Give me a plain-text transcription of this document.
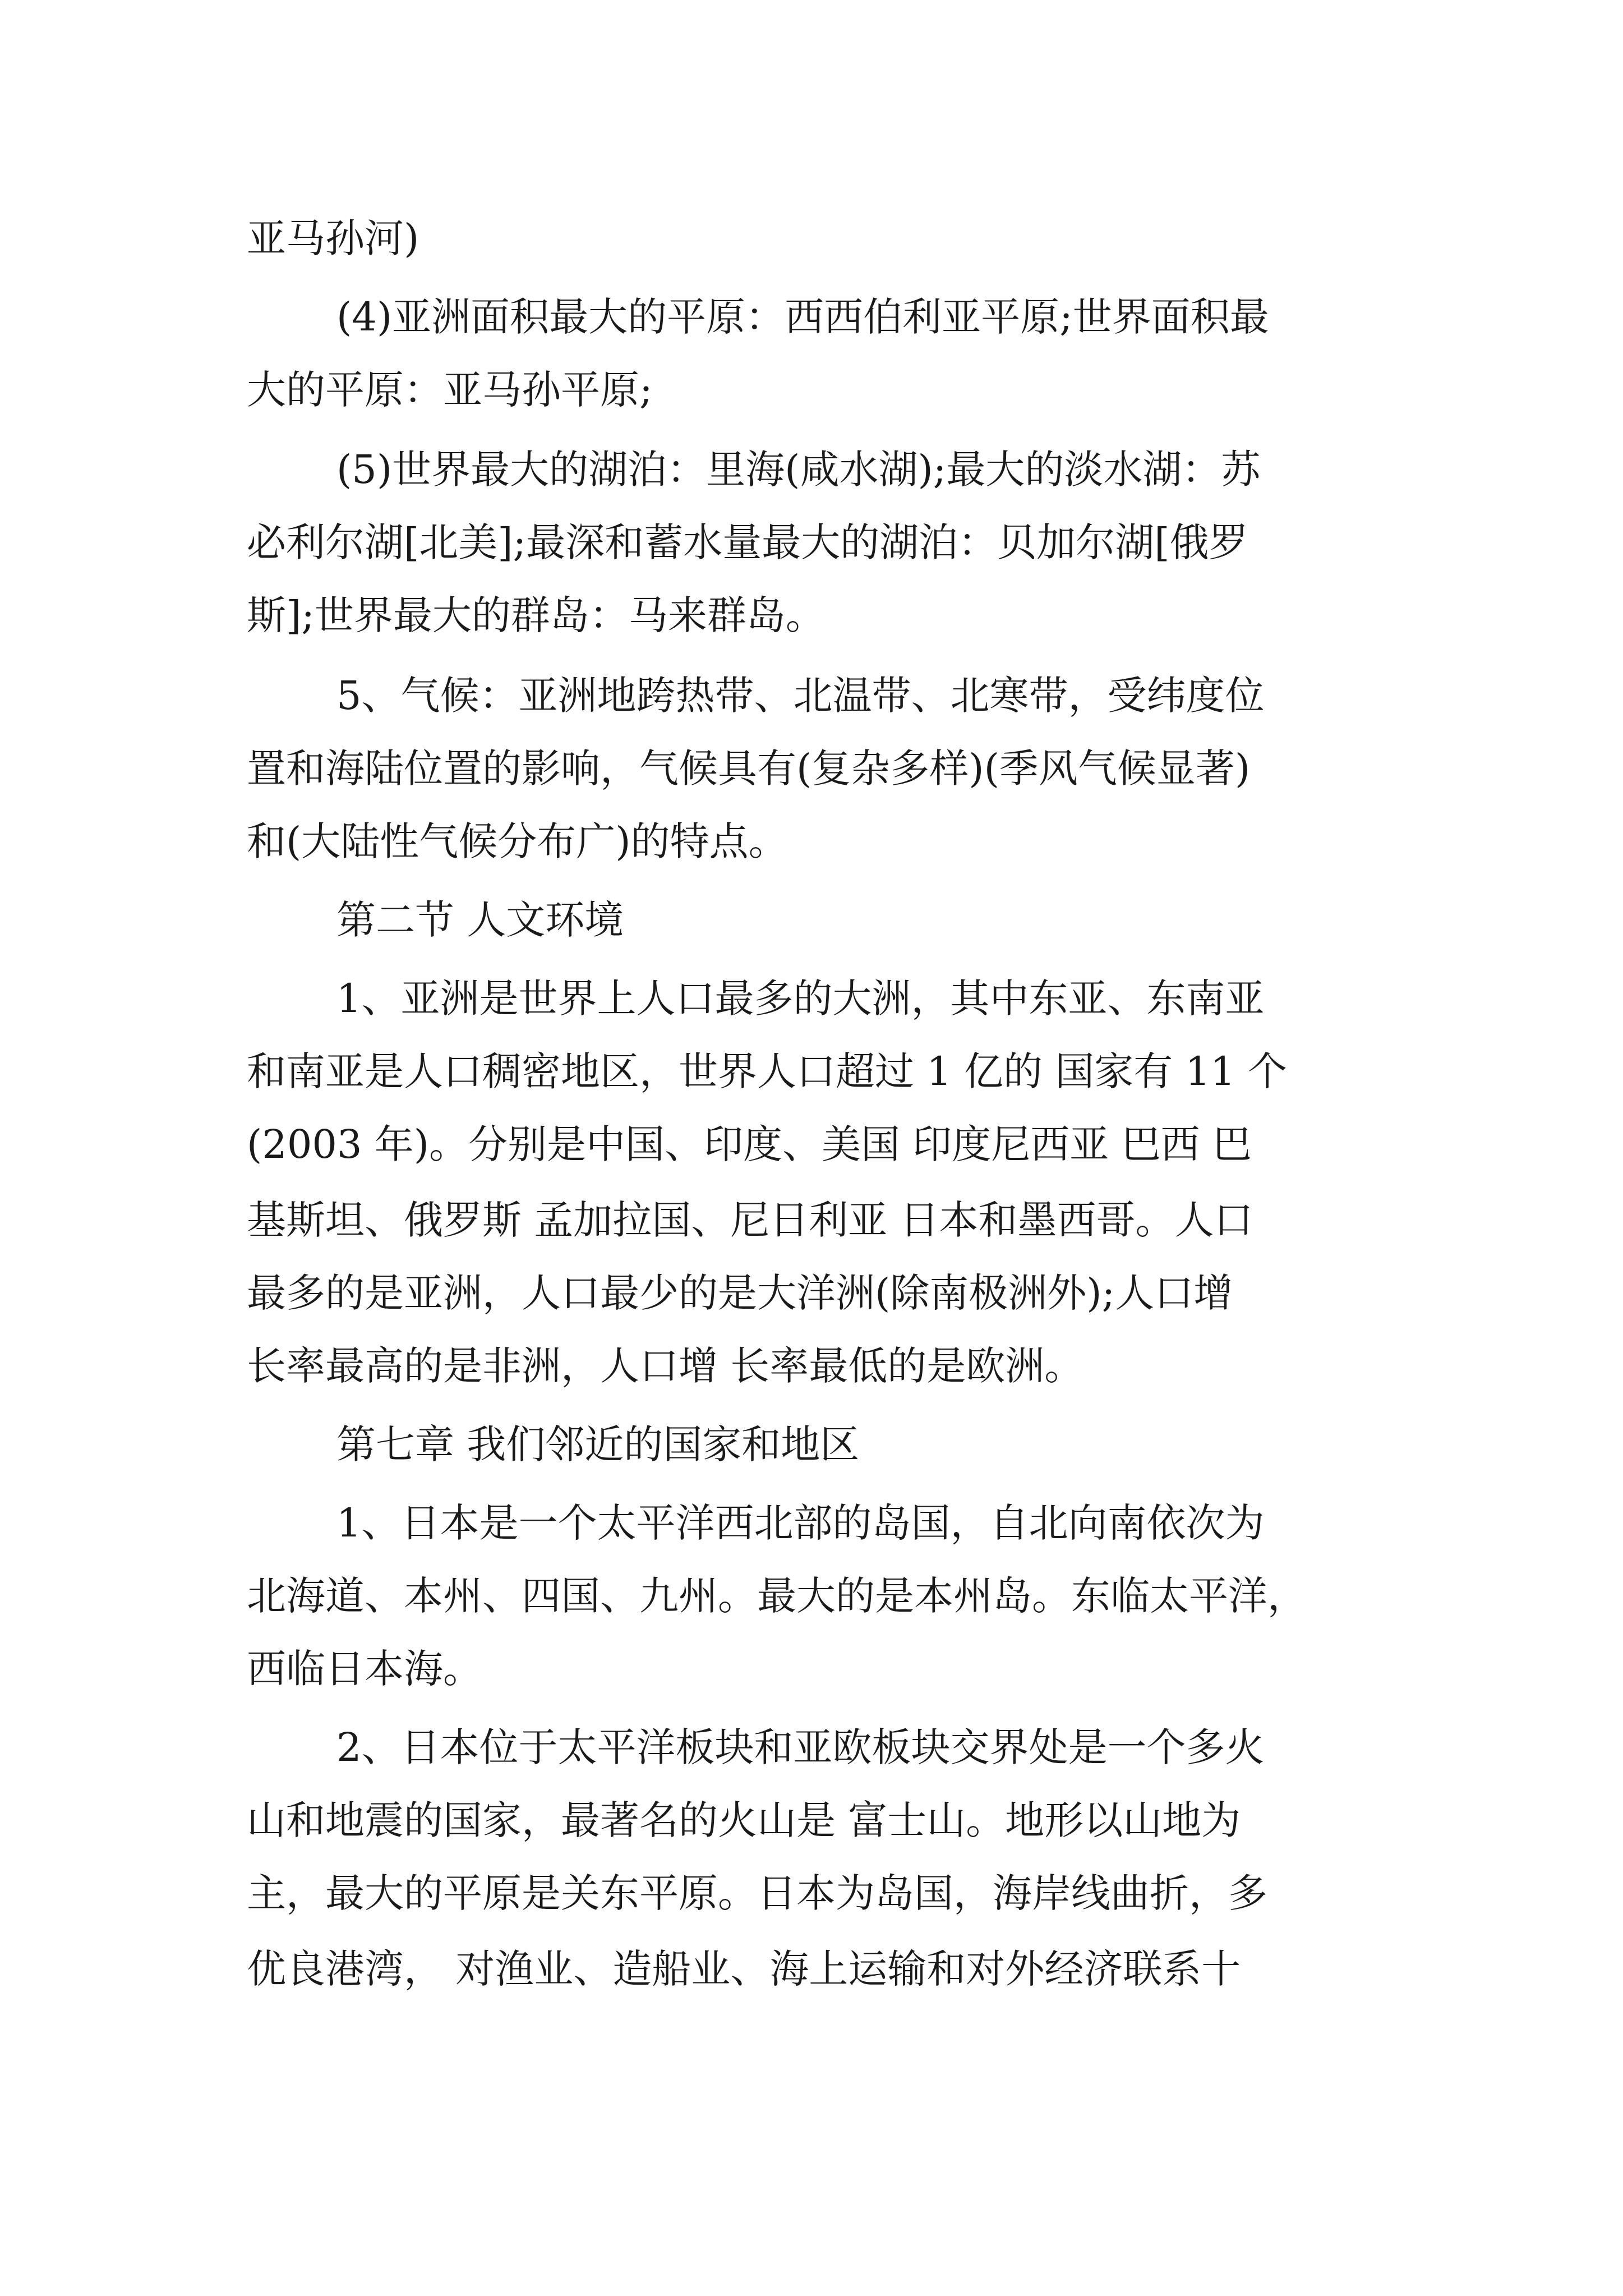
亚马孙河)
(4)亚洲面积最大的平原：西西伯利亚平原;世界面积最
大的平原：亚马孙平原;
(5)世界最大的湖泊：里海(咸水湖);最大的淡水湖：苏
必利尔湖[北美];最深和蓄水量最大的湖泊：贝加尔湖[俄罗
斯];世界最大的群岛：马来群岛。
5、气候：亚洲地跨热带、北温带、北寒带，受纬度位
置和海陆位置的影响，气候具有(复杂多样)(季风气候显著)
和(大陆性气候分布广)的特点。
第二节 人文环境
1、亚洲是世界上人口最多的大洲，其中东亚、东南亚
和南亚是人口稠密地区，世界人口超过 1 亿的 国家有 11 个
(2003 年)。分别是中国、印度、美国 印度尼西亚 巴西 巴
基斯坦、俄罗斯 孟加拉国、尼日利亚 日本和墨西哥。人口
最多的是亚洲，人口最少的是大洋洲(除南极洲外);人口增
长率最高的是非洲，人口增 长率最低的是欧洲。
第七章 我们邻近的国家和地区
1、日本是一个太平洋西北部的岛国，自北向南依次为
北海道、本州、四国、九州。最大的是本州岛。东临太平洋，
西临日本海。
2、日本位于太平洋板块和亚欧板块交界处是一个多火
山和地震的国家，最著名的火山是 富士山。地形以山地为
主，最大的平原是关东平原。日本为岛国，海岸线曲折，多
优良港湾， 对渔业、造船业、海上运输和对外经济联系十
